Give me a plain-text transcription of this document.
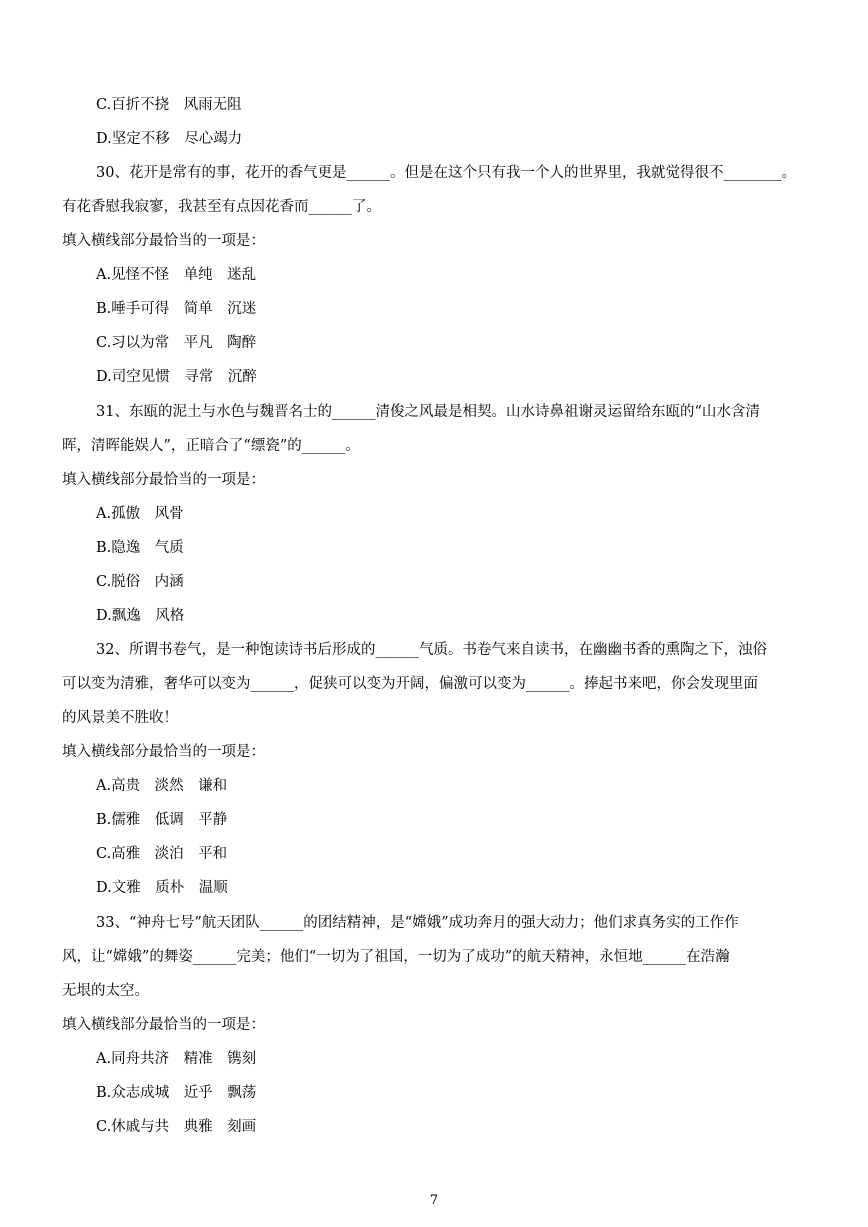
C.百折不挠　风雨无阻
D.坚定不移　尽心竭力
30、花开是常有的事，花开的香气更是______。但是在这个只有我一个人的世界里，我就觉得很不________。
有花香慰我寂寥，我甚至有点因花香而______了。
填入横线部分最恰当的一项是：
A.见怪不怪　单纯　迷乱
B.唾手可得　简单　沉迷
C.习以为常　平凡　陶醉
D.司空见惯　寻常　沉醉
31、东瓯的泥土与水色与魏晋名士的______清俊之风最是相契。山水诗鼻祖谢灵运留给东瓯的“山水含清
晖，清晖能娱人”，正暗合了“缥瓷”的______。
填入横线部分最恰当的一项是：
A.孤傲　风骨
B.隐逸　气质
C.脱俗　内涵
D.飘逸　风格
32、所谓书卷气，是一种饱读诗书后形成的______气质。书卷气来自读书，在幽幽书香的熏陶之下，浊俗
可以变为清雅，奢华可以变为______，促狭可以变为开阔，偏激可以变为______。捧起书来吧，你会发现里面
的风景美不胜收！
填入横线部分最恰当的一项是：
A.高贵　淡然　谦和
B.儒雅　低调　平静
C.高雅　淡泊　平和
D.文雅　质朴　温顺
33、“神舟七号”航天团队______的团结精神，是“嫦娥”成功奔月的强大动力；他们求真务实的工作作
风，让“嫦娥”的舞姿______完美；他们“一切为了祖国，一切为了成功”的航天精神，永恒地______在浩瀚
无垠的太空。
填入横线部分最恰当的一项是：
A.同舟共济　精准　镌刻
B.众志成城　近乎　飘荡
C.休戚与共　典雅　刻画
7
